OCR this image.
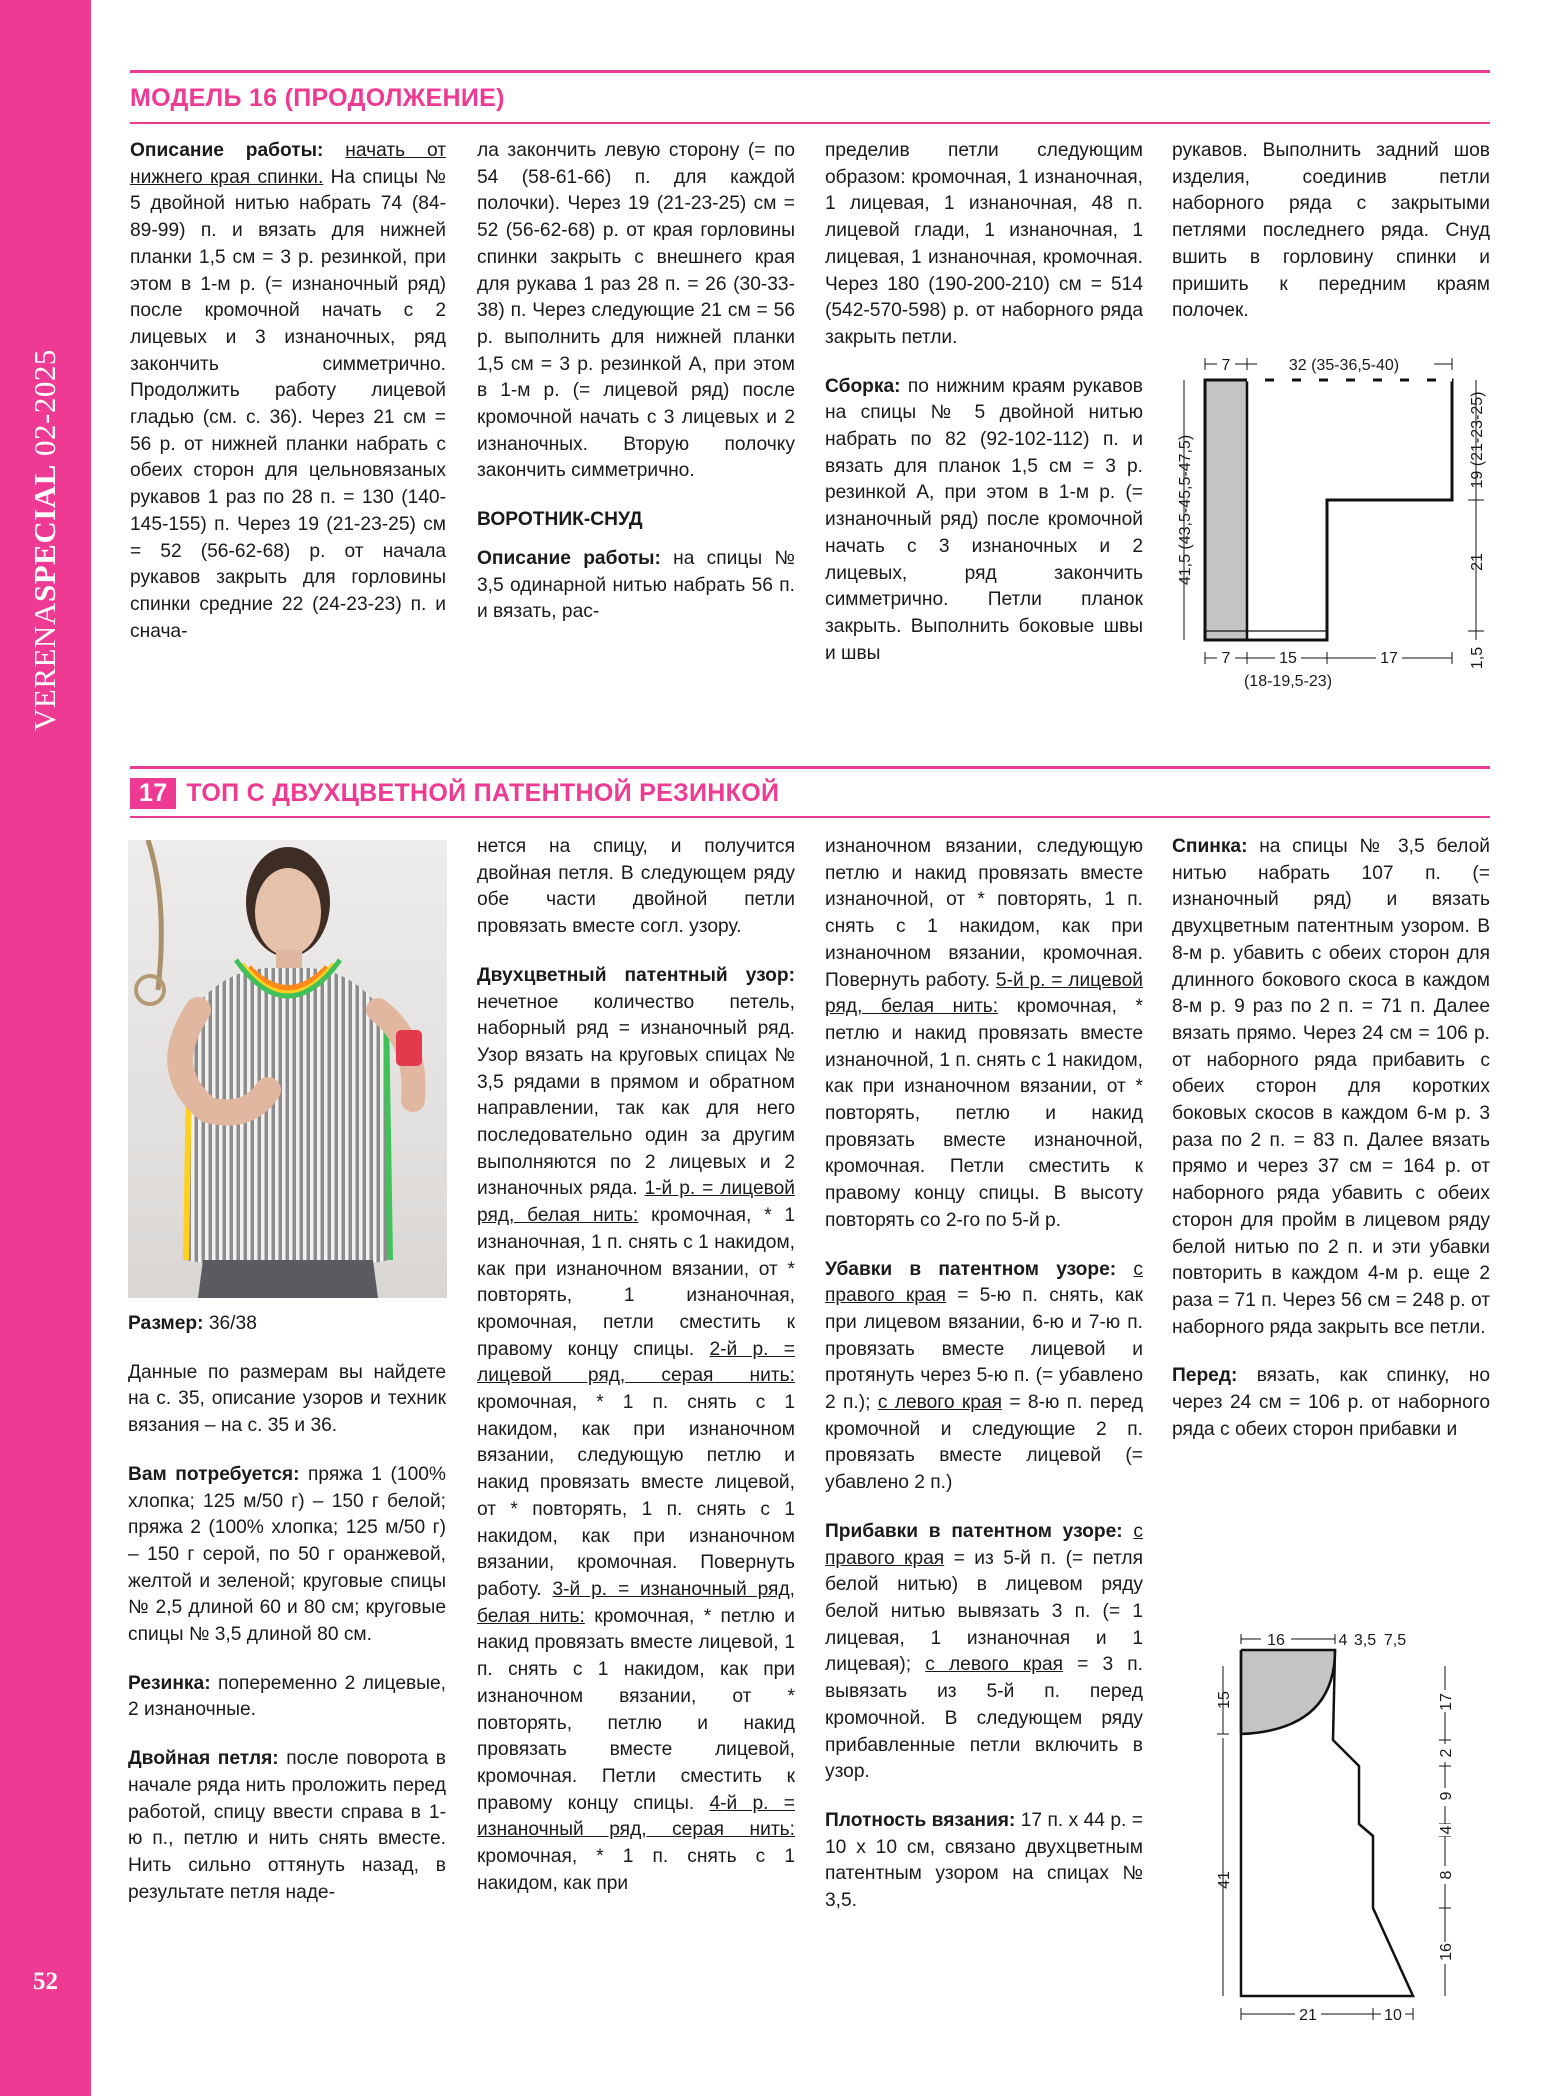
VERENA
SPECIAL

02-2025
52
МОДЕЛЬ 16 (ПРОДОЛЖЕНИЕ)

Описание работы: начать от нижнего края спинки. На спицы № 5 двойной нитью набрать 74 (84-89-99) п. и вязать для нижней планки 1,5 см = 3 р. резинкой, при этом в 1-м р. (= изнаночный ряд) после кромочной начать с 2 лицевых и 3 изнаночных, ряд закончить симметрично. Продолжить работу лицевой гладью (см. с. 36). Через 21 см = 56 р. от нижней планки набрать с обеих сторон для цельновязаных рукавов 1 раз по 28 п. = 130 (140-145-155) п. Через 19 (21-23-25) см = 52 (56-62-68) р. от начала рукавов закрыть для горловины спинки средние 22 (24-23-23) п. и снача-

ла закончить левую сторону (= по 54 (58-61-66) п. для каждой полочки). Через 19 (21-23-25) см = 52 (56-62-68) р. от края горловины спинки закрыть с внешнего края для рукава 1 раз 28 п. = 26 (30-33-38) п. Через следующие 21 см = 56 р. выполнить для нижней планки 1,5 см = 3 р. резинкой А, при этом в 1-м р. (= лицевой ряд) после кромочной начать с 3 лицевых и 2 изнаночных. Вторую полочку закончить симметрично.

ВОРОТНИК-СНУД

Описание работы: на спицы № 3,5 одинарной нитью набрать 56 п. и вязать, рас-

пределив петли следующим образом: кромочная, 1 изнаночная, 1 лицевая, 1 изнаночная, 48 п. лицевой глади, 1 изнаночная, 1 лицевая, 1 изнаночная, кромочная. Через 180 (190-200-210) см = 514 (542-570-598) р. от наборного ряда закрыть петли.

Сборка: по нижним краям рукавов на спицы № 5 двойной нитью набрать по 82 (92-102-112) п. и вязать для планок 1,5 см = 3 р. резинкой А, при этом в 1-м р. (= изнаночный ряд) после кромочной начать с 3 изнаночных и 2 лицевых, ряд закончить симметрично. Петли планок закрыть. Выполнить боковые швы и швы

рукавов. Выполнить задний шов изделия, соединив петли наборного ряда с закрытыми петлями последнего ряда. Снуд вшить в горловину спинки и пришить к передним краям полочек.

7	32 (35-36,5-40)
41,5 (43,5-45,5-47,5)	19 (21-23-25)
21
1,5
7	15	17
(18-19,5-23)
17 ТОП С ДВУХЦВЕТНОЙ ПАТЕНТНОЙ РЕЗИНКОЙ

Размер: 36/38

Данные по размерам вы найдете на с. 35, описание узоров и техник вязания – на с. 35 и 36.

Вам потребуется: пряжа 1 (100% хлопка; 125 м/50 г) – 150 г белой; пряжа 2 (100% хлопка; 125 м/50 г) – 150 г серой, по 50 г оранжевой, желтой и зеленой; круговые спицы № 2,5 длиной 60 и 80 см; круговые спицы № 3,5 длиной 80 см.

Резинка: попеременно 2 лицевые, 2 изнаночные.

Двойная петля: после поворота в начале ряда нить проложить перед работой, спицу ввести справа в 1-ю п., петлю и нить снять вместе. Нить сильно оттянуть назад, в результате петля наде-

нется на спицу, и получится двойная петля. В следующем ряду обе части двойной петли провязать вместе согл. узору.

Двухцветный патентный узор: нечетное количество петель, наборный ряд = изнаночный ряд. Узор вязать на круговых спицах № 3,5 рядами в прямом и обратном направлении, так как для него последовательно один за другим выполняются по 2 лицевых и 2 изнаночных ряда. 1-й р. = лицевой ряд, белая нить: кромочная, * 1 изнаночная, 1 п. снять с 1 накидом, как при изнаночном вязании, от * повторять, 1 изнаночная, кромочная, петли сместить к правому концу спицы. 2-й р. = лицевой ряд, серая нить: кромочная, * 1 п. снять с 1 накидом, как при изнаночном вязании, следующую петлю и накид провязать вместе лицевой, от * повторять, 1 п. снять с 1 накидом, как при изнаночном вязании, кромочная. Повернуть работу. 3-й р. = изнаночный ряд, белая нить: кромочная, * петлю и накид провязать вместе лицевой, 1 п. снять с 1 накидом, как при изнаночном вязании, от * повторять, петлю и накид провязать вместе лицевой, кромочная. Петли сместить к правому концу спицы. 4-й р. = изнаночный ряд, серая нить: кромочная, * 1 п. снять с 1 накидом, как при

изнаночном вязании, следующую петлю и накид провязать вместе изнаночной, от * повторять, 1 п. снять с 1 накидом, как при изнаночном вязании, кромочная. Повернуть работу. 5-й р. = лицевой ряд, белая нить: кромочная, * петлю и накид провязать вместе изнаночной, 1 п. снять с 1 накидом, как при изнаночном вязании, от * повторять, петлю и накид провязать вместе изнаночной, кромочная. Петли сместить к правому концу спицы. В высоту повторять со 2-го по 5-й р.

Убавки в патентном узоре: с правого края = 5-ю п. снять, как при лицевом вязании, 6-ю и 7-ю п. провязать вместе лицевой и протянуть через 5-ю п. (= убавлено 2 п.); с левого края = 8-ю п. перед кромочной и следующие 2 п. провязать вместе лицевой (= убавлено 2 п.)

Прибавки в патентном узоре: с правого края = из 5-й п. (= петля белой нитью) в лицевом ряду белой нитью вывязать 3 п. (= 1 лицевая, 1 изнаночная и 1 лицевая); с левого края = 3 п. вывязать из 5-й п. перед кромочной. В следующем ряду прибавленные петли включить в узор.

Плотность вязания: 17 п. х 44 р. = 10 х 10 см, связано двухцветным патентным узором на спицах № 3,5.

Спинка: на спицы № 3,5 белой нитью набрать 107 п. (= изнаночный ряд) и вязать двухцветным патентным узором. В 8-м р. убавить с обеих сторон для длинного бокового скоса в каждом 8-м р. 9 раз по 2 п. = 71 п. Далее вязать прямо. Через 24 см = 106 р. от наборного ряда прибавить с обеих сторон для коротких боковых скосов в каждом 6-м р. 3 раза по 2 п. = 83 п. Далее вязать прямо и через 37 см = 164 р. от наборного ряда убавить с обеих сторон для пройм в лицевом ряду белой нитью по 2 п. и эти убавки повторить в каждом 4-м р. еще 2 раза = 71 п. Через 56 см = 248 р. от наборного ряда закрыть все петли.

Перед: вязать, как спинку, но через 24 см = 106 р. от наборного ряда с обеих сторон прибавки и

16	4 3,5 7,5
15
41
17
2
9
4
8
16
21	10
